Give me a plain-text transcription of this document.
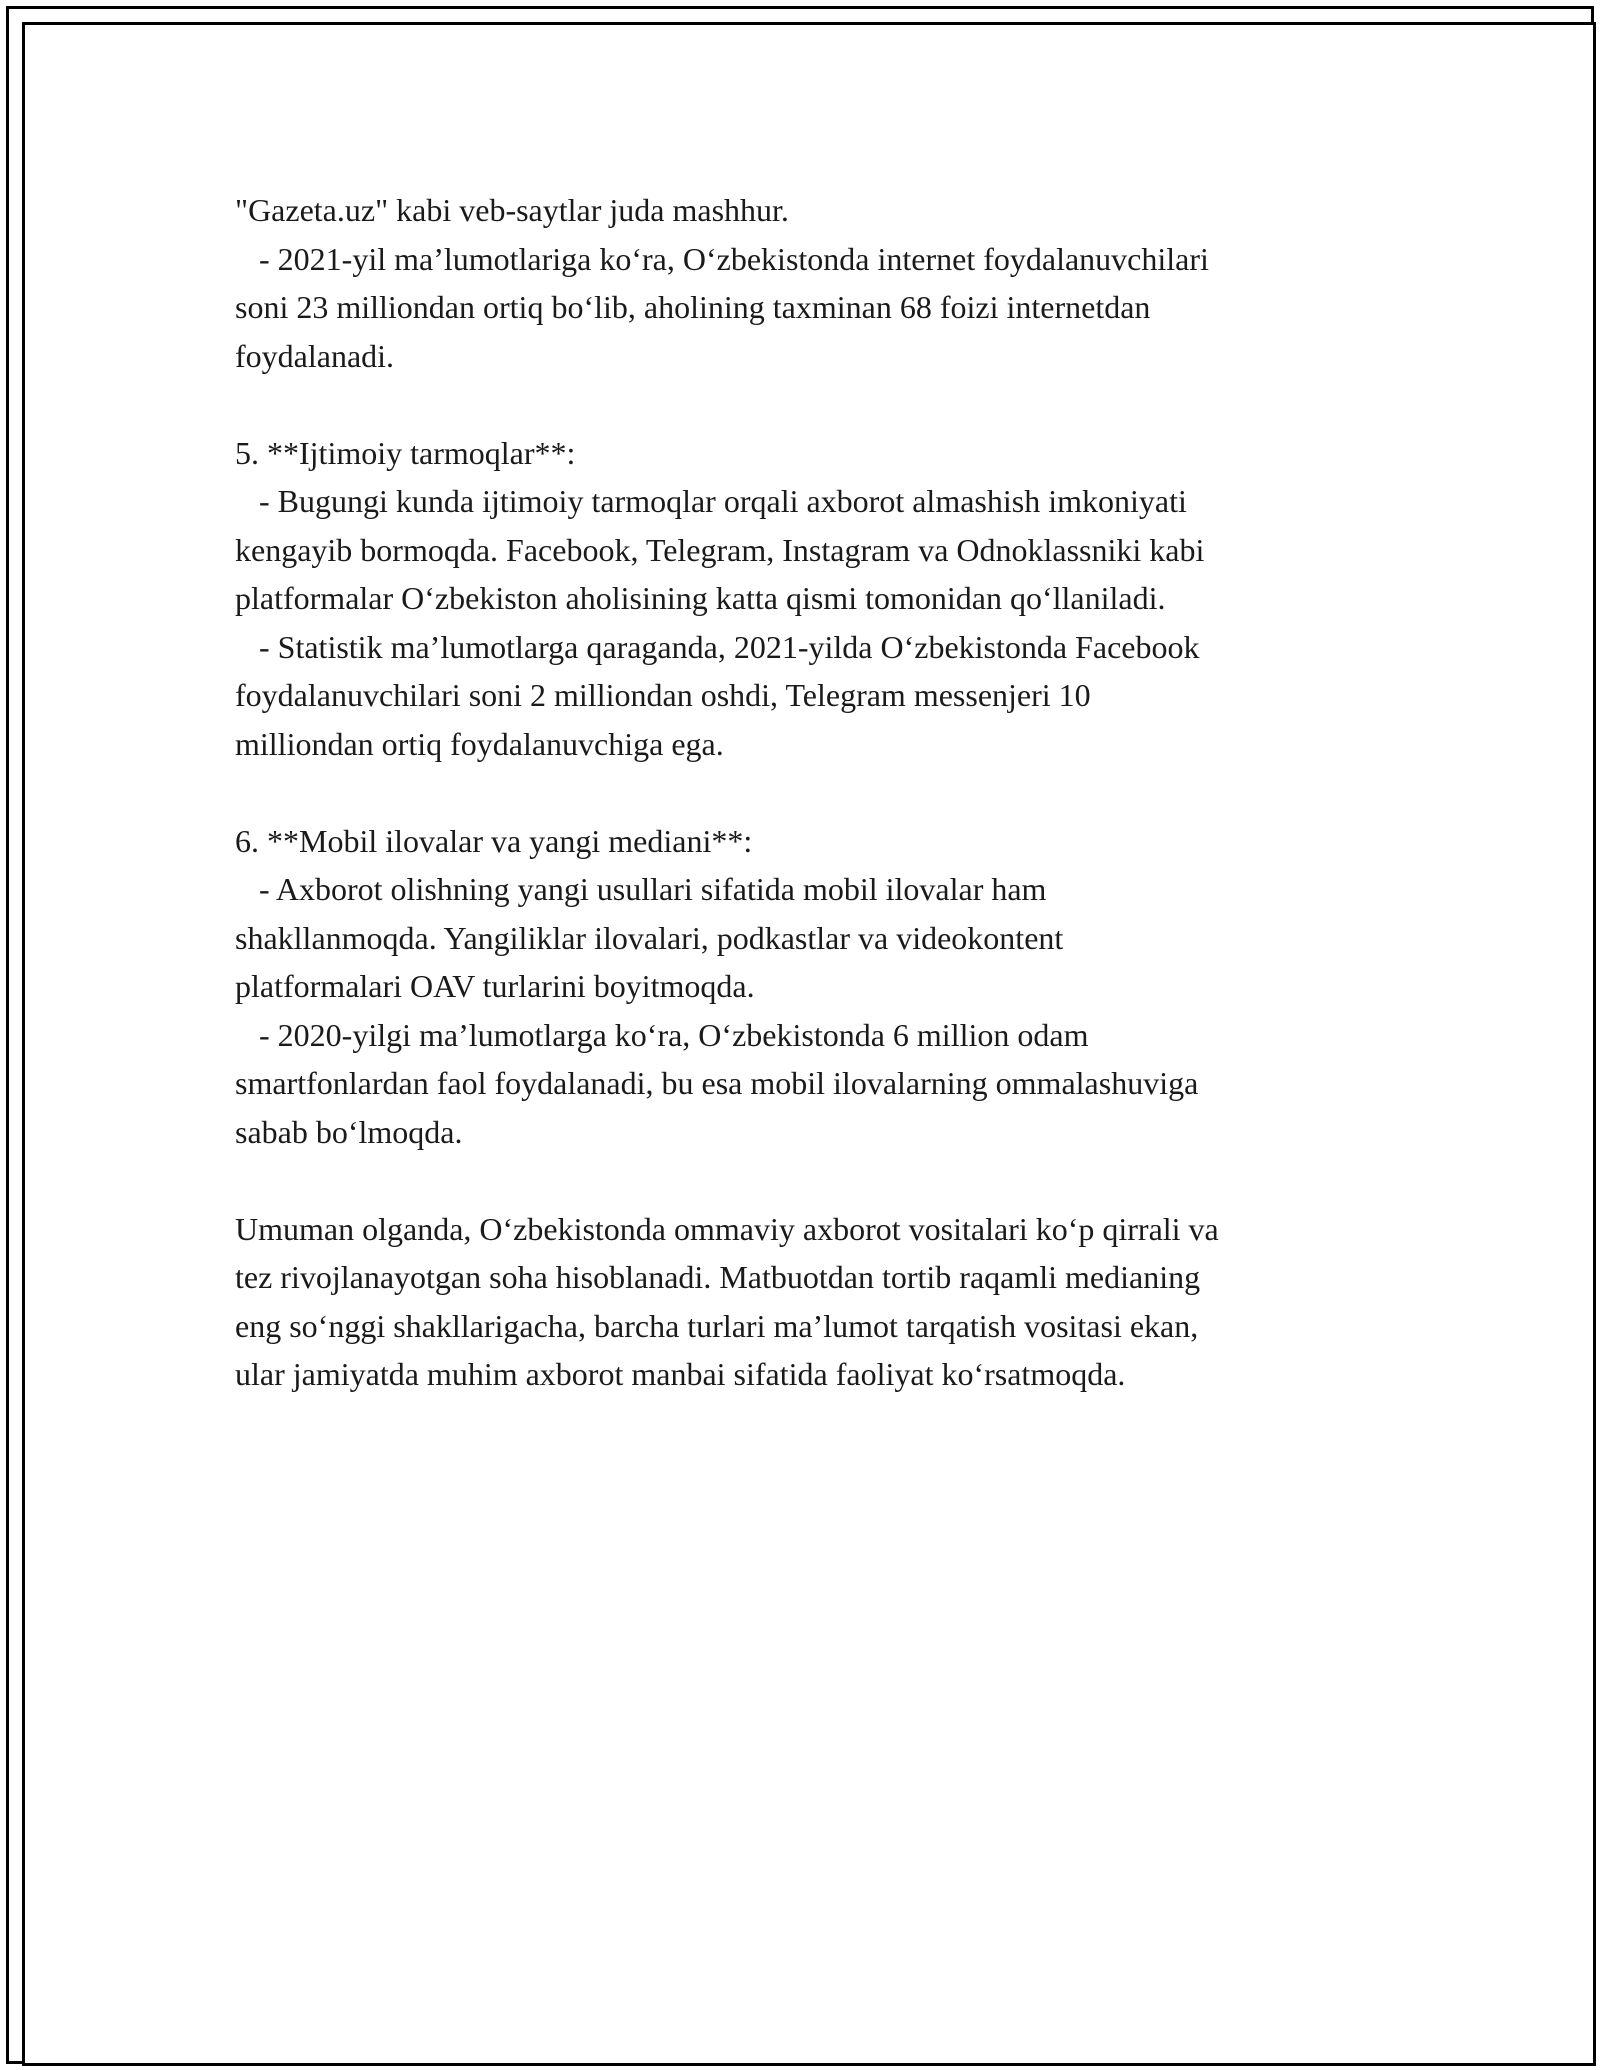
"Gazeta.uz" kabi veb-saytlar juda mashhur.
- 2021-yil ma’lumotlariga ko‘ra, O‘zbekistonda internet foydalanuvchilari
soni 23 milliondan ortiq bo‘lib, aholining taxminan 68 foizi internetdan
foydalanadi.
5. **Ijtimoiy tarmoqlar**:
- Bugungi kunda ijtimoiy tarmoqlar orqali axborot almashish imkoniyati
kengayib bormoqda. Facebook, Telegram, Instagram va Odnoklassniki kabi
platformalar O‘zbekiston aholisining katta qismi tomonidan qo‘llaniladi.
- Statistik ma’lumotlarga qaraganda, 2021-yilda O‘zbekistonda Facebook
foydalanuvchilari soni 2 milliondan oshdi, Telegram messenjeri 10
milliondan ortiq foydalanuvchiga ega.
6. **Mobil ilovalar va yangi mediani**:
- Axborot olishning yangi usullari sifatida mobil ilovalar ham
shakllanmoqda. Yangiliklar ilovalari, podkastlar va videokontent
platformalari OAV turlarini boyitmoqda.
- 2020-yilgi ma’lumotlarga ko‘ra, O‘zbekistonda 6 million odam
smartfonlardan faol foydalanadi, bu esa mobil ilovalarning ommalashuviga
sabab bo‘lmoqda.
Umuman olganda, O‘zbekistonda ommaviy axborot vositalari ko‘p qirrali va
tez rivojlanayotgan soha hisoblanadi. Matbuotdan tortib raqamli medianing
eng so‘nggi shakllarigacha, barcha turlari ma’lumot tarqatish vositasi ekan,
ular jamiyatda muhim axborot manbai sifatida faoliyat ko‘rsatmoqda.
